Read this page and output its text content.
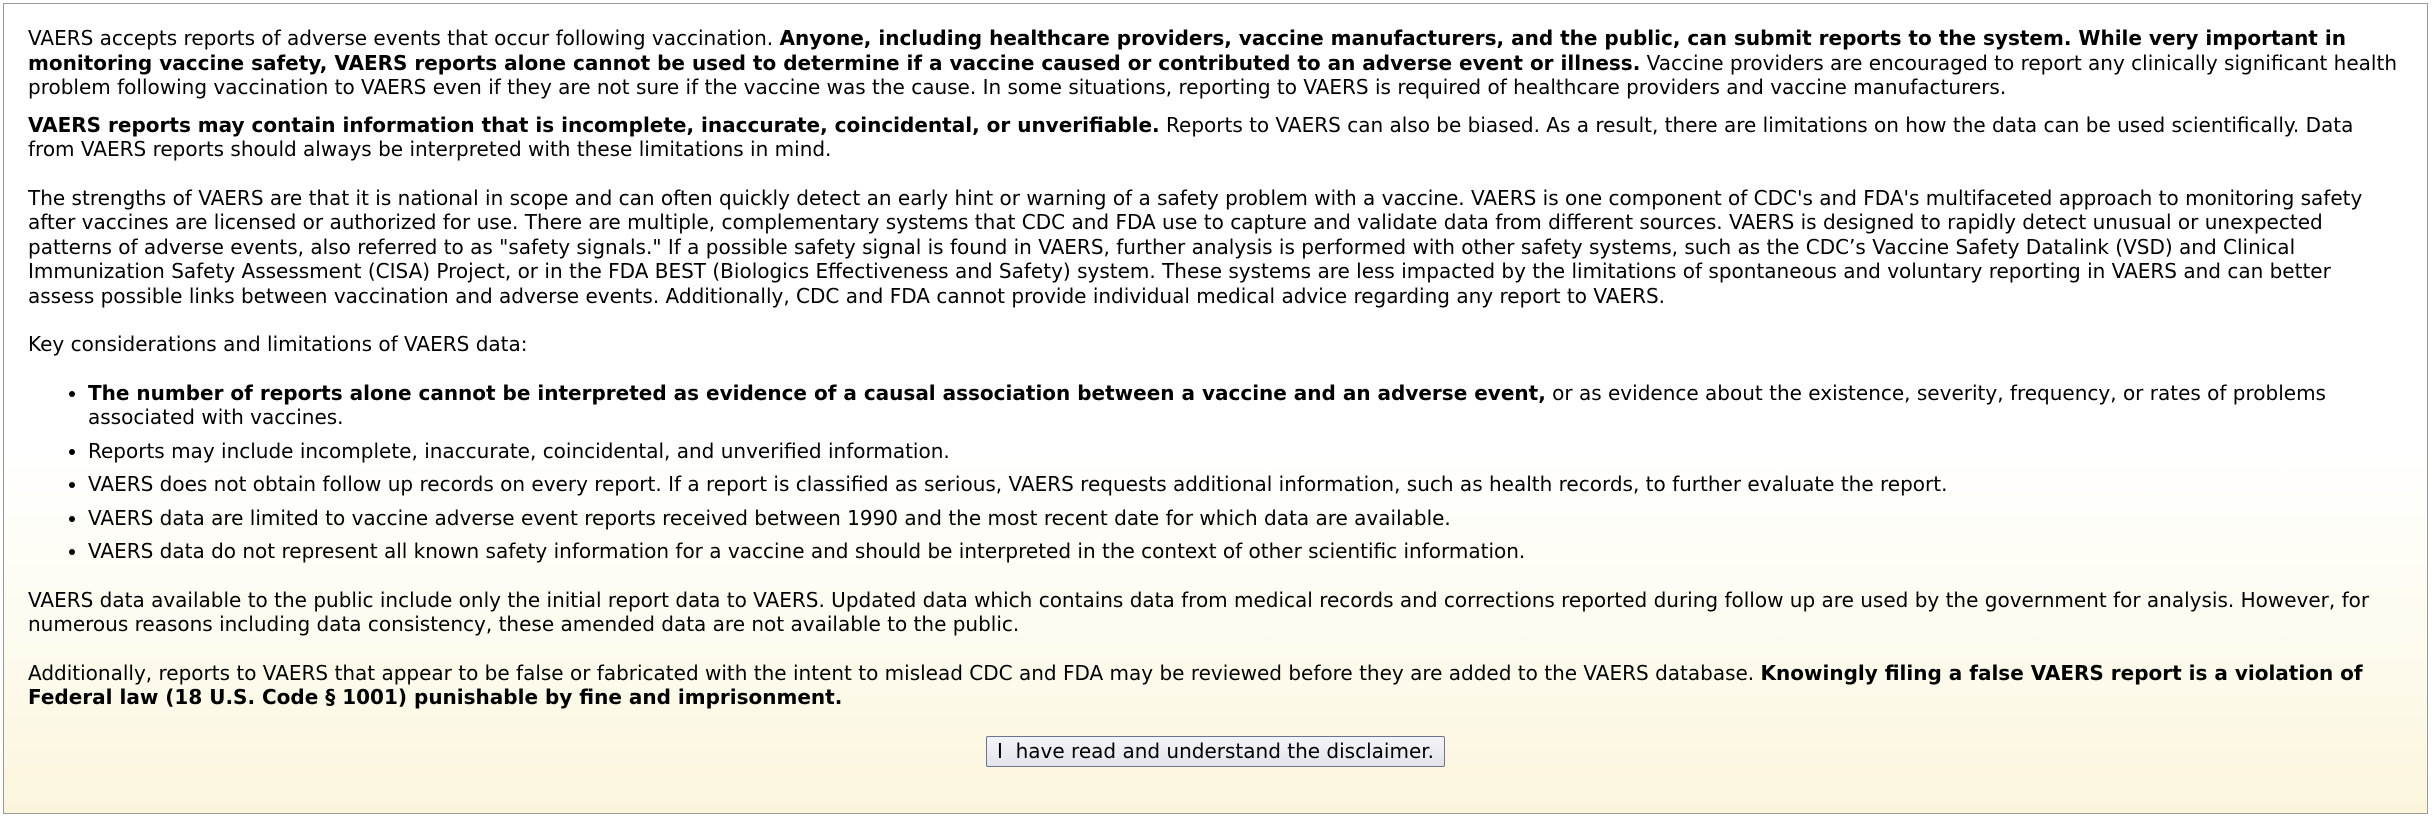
VAERS accepts reports of adverse events that occur following vaccination. Anyone, including healthcare providers, vaccine manufacturers, and the public, can submit reports to the system. While very important in monitoring vaccine safety, VAERS reports alone cannot be used to determine if a vaccine caused or contributed to an adverse event or illness. Vaccine providers are encouraged to report any clinically significant health problem following vaccination to VAERS even if they are not sure if the vaccine was the cause. In some situations, reporting to VAERS is required of healthcare providers and vaccine manufacturers.

VAERS reports may contain information that is incomplete, inaccurate, coincidental, or unverifiable. Reports to VAERS can also be biased. As a result, there are limitations on how the data can be used scientifically. Data from VAERS reports should always be interpreted with these limitations in mind.

The strengths of VAERS are that it is national in scope and can often quickly detect an early hint or warning of a safety problem with a vaccine. VAERS is one component of CDC's and FDA's multifaceted approach to monitoring safety after vaccines are licensed or authorized for use. There are multiple, complementary systems that CDC and FDA use to capture and validate data from different sources. VAERS is designed to rapidly detect unusual or unexpected patterns of adverse events, also referred to as "safety signals." If a possible safety signal is found in VAERS, further analysis is performed with other safety systems, such as the CDC’s Vaccine Safety Datalink (VSD) and Clinical Immunization Safety Assessment (CISA) Project, or in the FDA BEST (Biologics Effectiveness and Safety) system. These systems are less impacted by the limitations of spontaneous and voluntary reporting in VAERS and can better assess possible links between vaccination and adverse events. Additionally, CDC and FDA cannot provide individual medical advice regarding any report to VAERS.

Key considerations and limitations of VAERS data:

• The number of reports alone cannot be interpreted as evidence of a causal association between a vaccine and an adverse event, or as evidence about the existence, severity, frequency, or rates of problems associated with vaccines.
• Reports may include incomplete, inaccurate, coincidental, and unverified information.
• VAERS does not obtain follow up records on every report. If a report is classified as serious, VAERS requests additional information, such as health records, to further evaluate the report.
• VAERS data are limited to vaccine adverse event reports received between 1990 and the most recent date for which data are available.
• VAERS data do not represent all known safety information for a vaccine and should be interpreted in the context of other scientific information.

VAERS data available to the public include only the initial report data to VAERS. Updated data which contains data from medical records and corrections reported during follow up are used by the government for analysis. However, for numerous reasons including data consistency, these amended data are not available to the public.

Additionally, reports to VAERS that appear to be false or fabricated with the intent to mislead CDC and FDA may be reviewed before they are added to the VAERS database. Knowingly filing a false VAERS report is a violation of Federal law (18 U.S. Code § 1001) punishable by fine and imprisonment.

I  have read and understand the disclaimer.
